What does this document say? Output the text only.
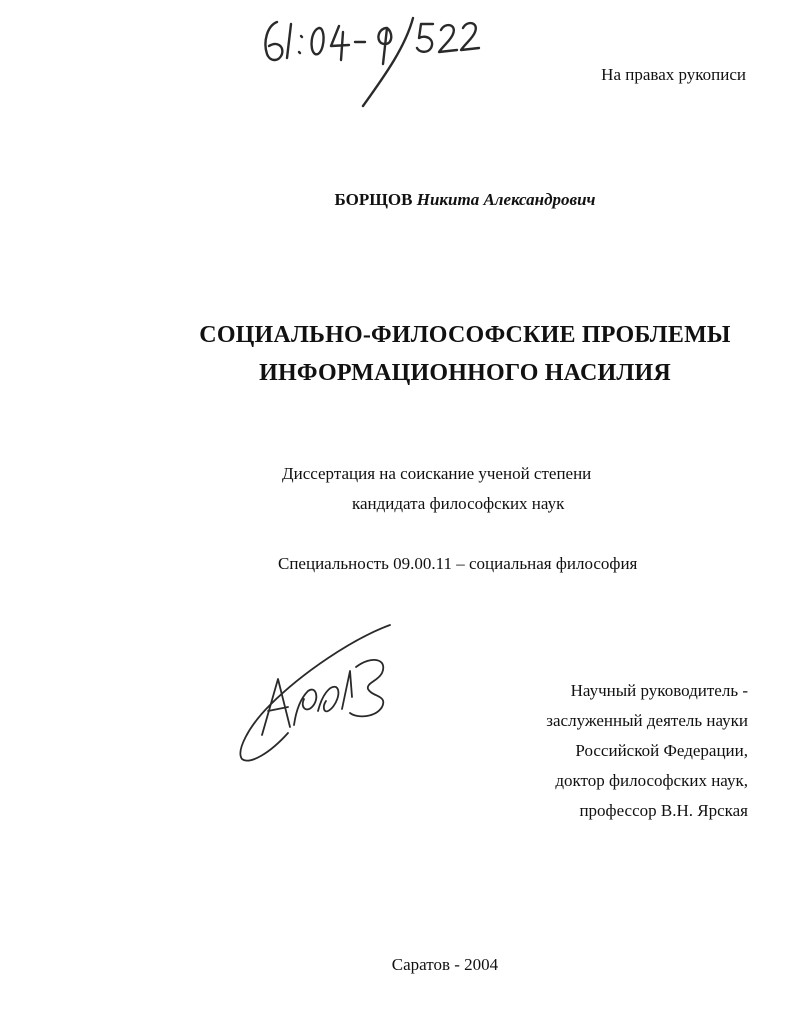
На правах рукописи
БОРЩОВ Никита Александрович
СОЦИАЛЬНО-ФИЛОСОФСКИЕ ПРОБЛЕМЫ
ИНФОРМАЦИОННОГО НАСИЛИЯ
Диссертация на соискание ученой степени
кандидата философских наук
Специальность 09.00.11 – социальная философия
Научный руководитель -
заслуженный деятель науки
Российской Федерации,
доктор философских наук,
профессор В.Н. Ярская
Саратов - 2004
